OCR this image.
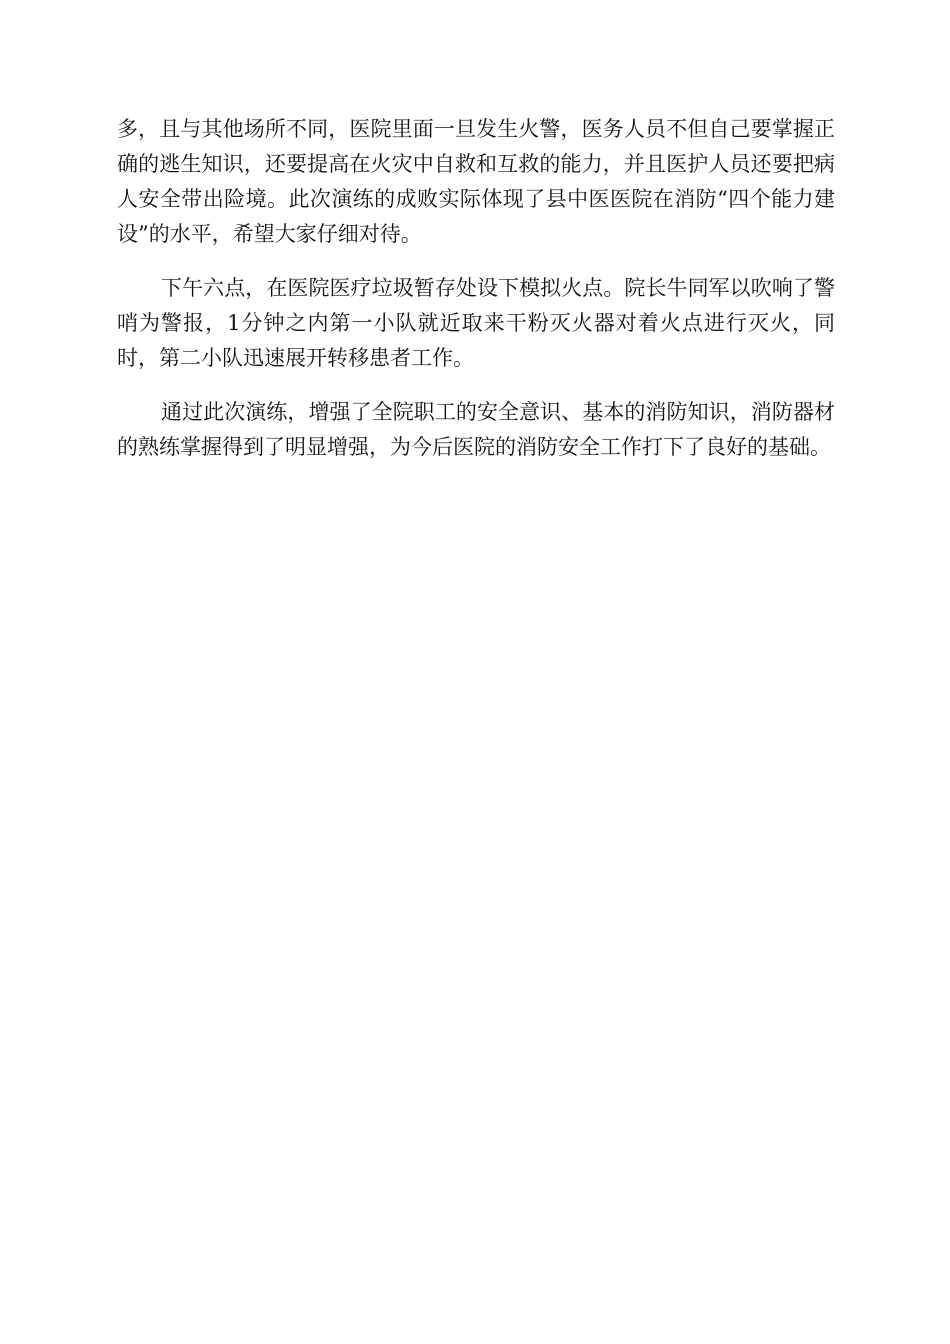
多，且与其他场所不同，医院里面一旦发生火警，医务人员不但自己要掌握正确的逃生知识，还要提高在火灾中自救和互救的能力，并且医护人员还要把病人安全带出险境。此次演练的成败实际体现了县中医医院在消防“四个能力建设”的水平，希望大家仔细对待。

下午六点，在医院医疗垃圾暂存处设下模拟火点。院长牛同军以吹响了警哨为警报，1分钟之内第一小队就近取来干粉灭火器对着火点进行灭火，同时，第二小队迅速展开转移患者工作。

通过此次演练，增强了全院职工的安全意识、基本的消防知识，消防器材的熟练掌握得到了明显增强，为今后医院的消防安全工作打下了良好的基础。
